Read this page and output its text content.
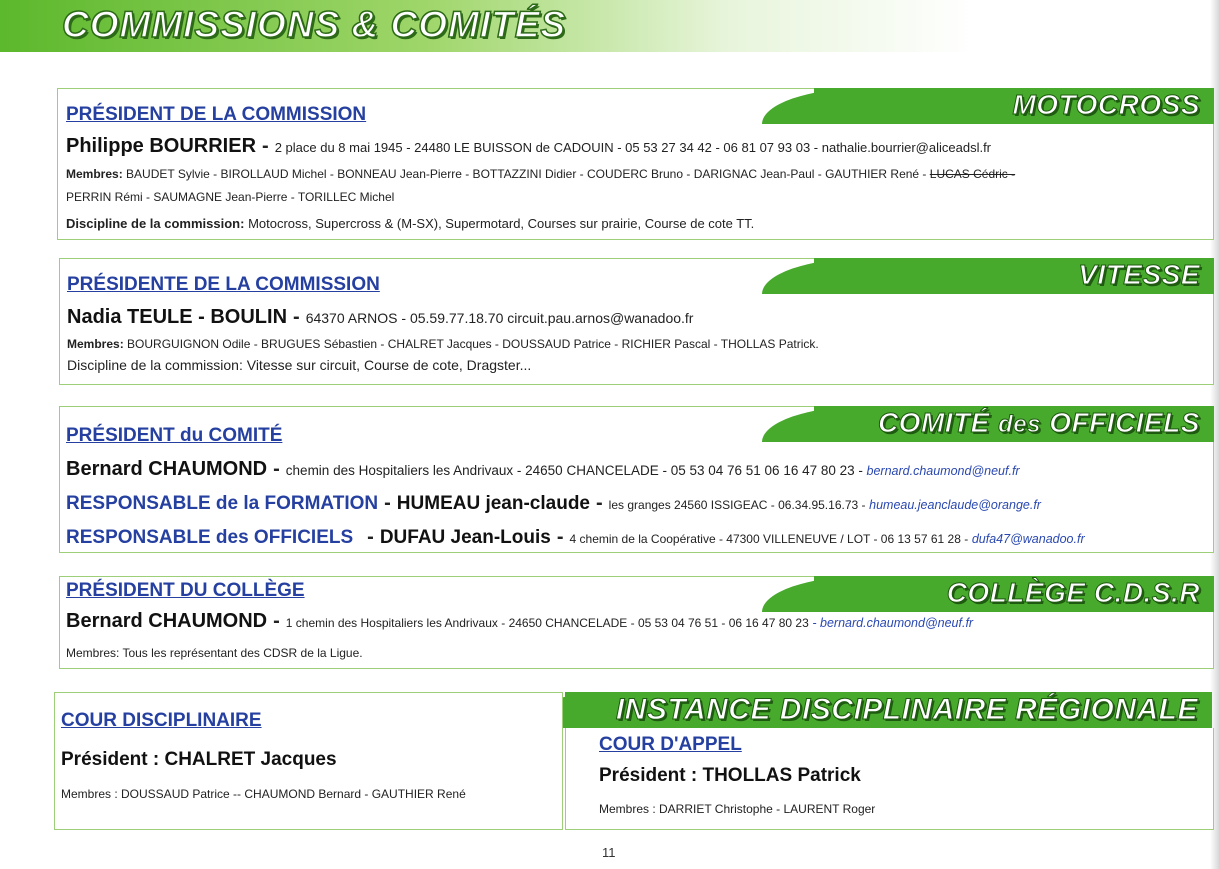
COMMISSIONS & COMITÉS
MOTOCROSS
PRÉSIDENT DE LA COMMISSION
Philippe BOURRIER - 2 place du 8 mai 1945 - 24480 LE BUISSON de CADOUIN - 05 53 27 34 42 - 06 81 07 93 03 - nathalie.bourrier@aliceadsl.fr
Membres: BAUDET Sylvie - BIROLLAUD Michel - BONNEAU Jean-Pierre - BOTTAZZINI Didier - COUDERC Bruno - DARIGNAC Jean-Paul - GAUTHIER René - LUCAS Cédric -
PERRIN Rémi - SAUMAGNE Jean-Pierre - TORILLEC Michel
Discipline de la commission: Motocross, Supercross & (M-SX), Supermotard, Courses sur prairie, Course de cote TT.
VITESSE
PRÉSIDENTE DE LA COMMISSION
Nadia TEULE - BOULIN - 64370 ARNOS - 05.59.77.18.70 circuit.pau.arnos@wanadoo.fr
Membres: BOURGUIGNON Odile - BRUGUES Sébastien - CHALRET Jacques - DOUSSAUD Patrice - RICHIER Pascal - THOLLAS Patrick.
Discipline de la commission: Vitesse sur circuit, Course de cote, Dragster...
COMITÉ des OFFICIELS
PRÉSIDENT du COMITÉ
Bernard CHAUMOND - chemin des Hospitaliers les Andrivaux - 24650 CHANCELADE - 05 53 04 76 51 06 16 47 80 23 - bernard.chaumond@neuf.fr
RESPONSABLE de la FORMATION - HUMEAU jean-claude - les granges 24560 ISSIGEAC - 06.34.95.16.73 - humeau.jeanclaude@orange.fr
RESPONSABLE des OFFICIELS - DUFAU Jean-Louis - 4 chemin de la Coopérative - 47300 VILLENEUVE / LOT - 06 13 57 61 28 - dufa47@wanadoo.fr
COLLÈGE C.D.S.R
PRÉSIDENT DU COLLÈGE
Bernard CHAUMOND - 1 chemin des Hospitaliers les Andrivaux - 24650 CHANCELADE - 05 53 04 76 51 - 06 16 47 80 23 - bernard.chaumond@neuf.fr
Membres: Tous les représentant des CDSR de la Ligue.
INSTANCE DISCIPLINAIRE RÉGIONALE
COUR DISCIPLINAIRE
Président : CHALRET Jacques
Membres : DOUSSAUD Patrice -- CHAUMOND Bernard - GAUTHIER René
COUR D'APPEL
Président : THOLLAS Patrick
Membres : DARRIET Christophe - LAURENT Roger
11
